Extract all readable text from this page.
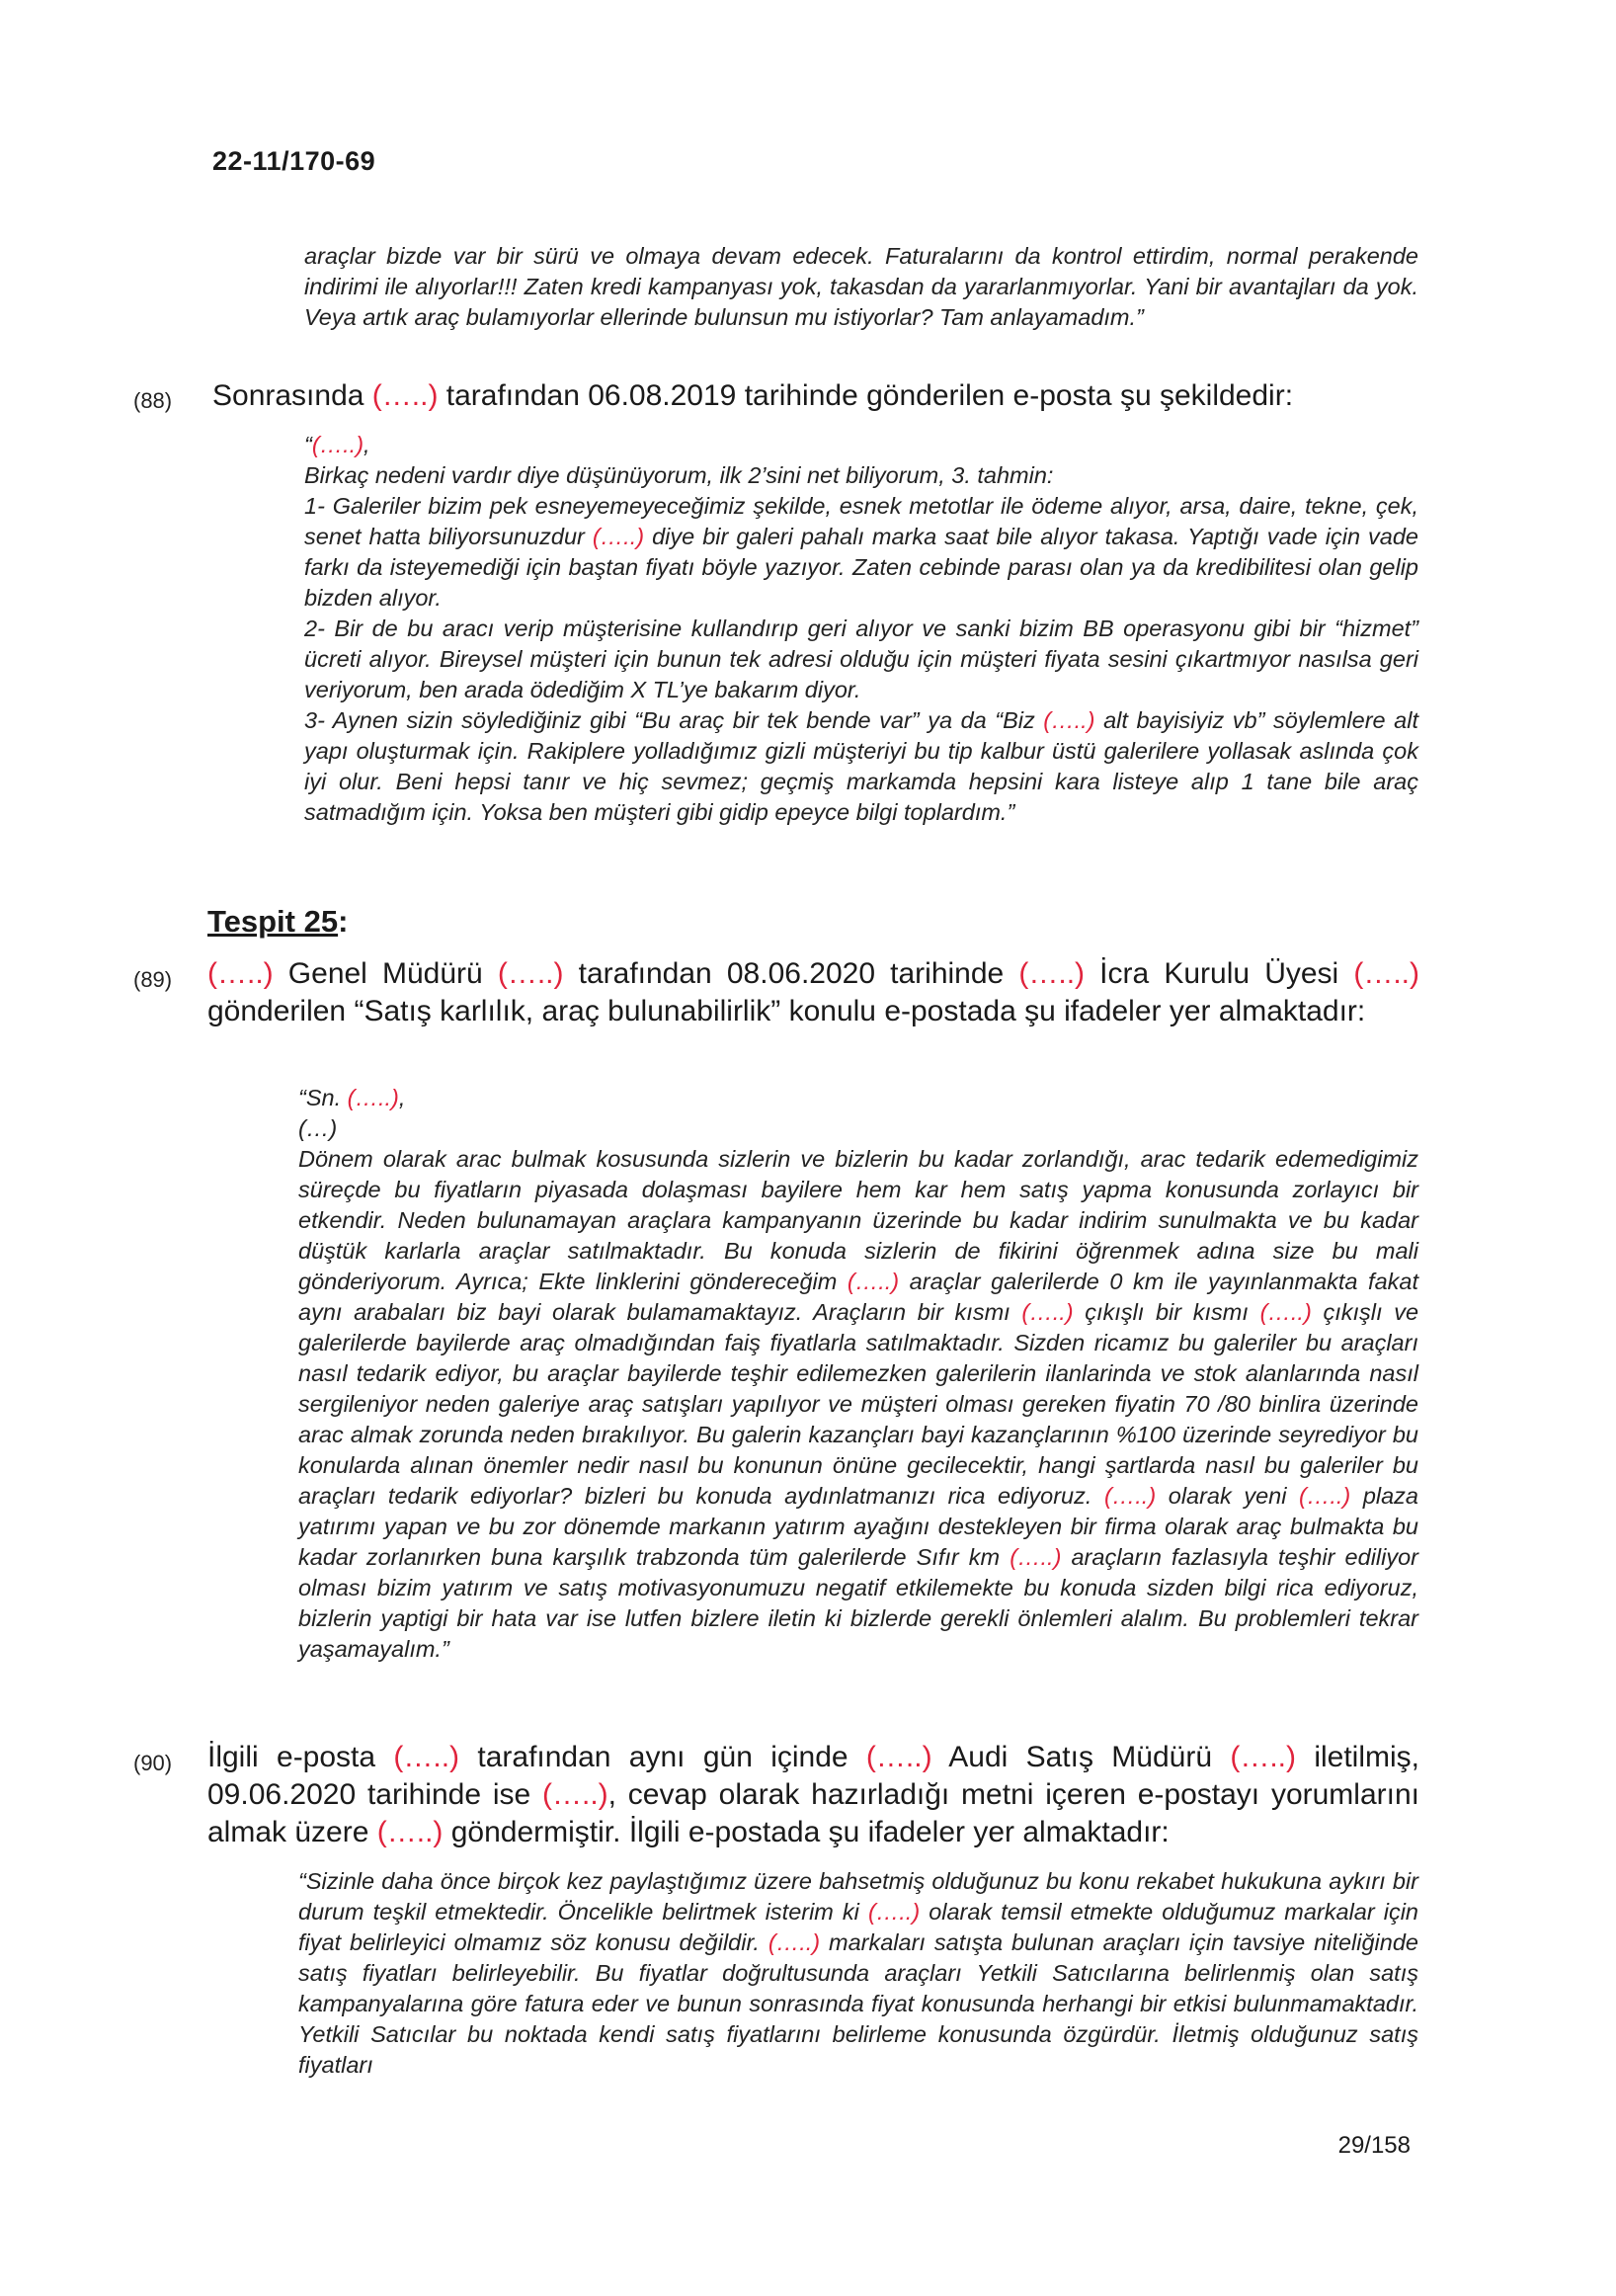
22-11/170-69

araçlar bizde var bir sürü ve olmaya devam edecek. Faturalarını da kontrol ettirdim, normal perakende indirimi ile alıyorlar!!! Zaten kredi kampanyası yok, takasdan da yararlanmıyorlar. Yani bir avantajları da yok. Veya artık araç bulamıyorlar ellerinde bulunsun mu istiyorlar? Tam anlayamadım.”

(88) Sonrasında (…..) tarafından 06.08.2019 tarihinde gönderilen e-posta şu şekildedir:

“(…..),

Birkaç nedeni vardır diye düşünüyorum, ilk 2’sini net biliyorum, 3. tahmin:

1- Galeriler bizim pek esneyemeyeceğimiz şekilde, esnek metotlar ile ödeme alıyor, arsa, daire, tekne, çek, senet hatta biliyorsunuzdur (…..) diye bir galeri pahalı marka saat bile alıyor takasa. Yaptığı vade için vade farkı da isteyemediği için baştan fiyatı böyle yazıyor. Zaten cebinde parası olan ya da kredibilitesi olan gelip bizden alıyor.

2- Bir de bu aracı verip müşterisine kullandırıp geri alıyor ve sanki bizim BB operasyonu gibi bir “hizmet” ücreti alıyor. Bireysel müşteri için bunun tek adresi olduğu için müşteri fiyata sesini çıkartmıyor nasılsa geri veriyorum, ben arada ödediğim X TL’ye bakarım diyor.

3- Aynen sizin söylediğiniz gibi “Bu araç bir tek bende var” ya da “Biz (…..) alt bayisiyiz vb” söylemlere alt yapı oluşturmak için. Rakiplere yolladığımız gizli müşteriyi bu tip kalbur üstü galerilere yollasak aslında çok iyi olur. Beni hepsi tanır ve hiç sevmez; geçmiş markamda hepsini kara listeye alıp 1 tane bile araç satmadığım için. Yoksa ben müşteri gibi gidip epeyce bilgi toplardım.”

Tespit 25:
(89) (…..) Genel Müdürü (…..) tarafından 08.06.2020 tarihinde (…..) İcra Kurulu Üyesi (…..) gönderilen “Satış karlılık, araç bulunabilirlik” konulu e-postada şu ifadeler yer almaktadır:

“Sn. (…..),

(…)

Dönem olarak arac bulmak kosusunda sizlerin ve bizlerin bu kadar zorlandığı, arac tedarik edemedigimiz süreçde bu fiyatların piyasada dolaşması bayilere hem kar hem satış yapma konusunda zorlayıcı bir etkendir. Neden bulunamayan araçlara kampanyanın üzerinde bu kadar indirim sunulmakta ve bu kadar düştük karlarla araçlar satılmaktadır. Bu konuda sizlerin de fikirini öğrenmek adına size bu mali gönderiyorum. Ayrıca; Ekte linklerini göndereceğim (…..) araçlar galerilerde 0 km ile yayınlanmakta fakat aynı arabaları biz bayi olarak bulamamaktayız. Araçların bir kısmı (…..) çıkışlı bir kısmı (…..) çıkışlı ve galerilerde bayilerde araç olmadığından faiş fiyatlarla satılmaktadır. Sizden ricamız bu galeriler bu araçları nasıl tedarik ediyor, bu araçlar bayilerde teşhir edilemezken galerilerin ilanlarinda ve stok alanlarında nasıl sergileniyor neden galeriye araç satışları yapılıyor ve müşteri olması gereken fiyatin 70 /80 binlira üzerinde arac almak zorunda neden bırakılıyor. Bu galerin kazançları bayi kazançlarının %100 üzerinde seyrediyor bu konularda alınan önemler nedir nasıl bu konunun önüne gecilecektir, hangi şartlarda nasıl bu galeriler bu araçları tedarik ediyorlar? bizleri bu konuda aydınlatmanızı rica ediyoruz. (…..) olarak yeni (…..) plaza yatırımı yapan ve bu zor dönemde markanın yatırım ayağını destekleyen bir firma olarak araç bulmakta bu kadar zorlanırken buna karşılık trabzonda tüm galerilerde Sıfır km (…..) araçların fazlasıyla teşhir ediliyor olması bizim yatırım ve satış motivasyonumuzu negatif etkilemekte bu konuda sizden bilgi rica ediyoruz, bizlerin yaptigi bir hata var ise lutfen bizlere iletin ki bizlerde gerekli önlemleri alalım. Bu problemleri tekrar yaşamayalım.”

(90) İlgili e-posta (…..) tarafından aynı gün içinde (…..) Audi Satış Müdürü (…..) iletilmiş, 09.06.2020 tarihinde ise (…..), cevap olarak hazırladığı metni içeren e-postayı yorumlarını almak üzere (…..) göndermiştir. İlgili e-postada şu ifadeler yer almaktadır:

“Sizinle daha önce birçok kez paylaştığımız üzere bahsetmiş olduğunuz bu konu rekabet hukukuna aykırı bir durum teşkil etmektedir. Öncelikle belirtmek isterim ki (…..) olarak temsil etmekte olduğumuz markalar için fiyat belirleyici olmamız söz konusu değildir. (…..) markaları satışta bulunan araçları için tavsiye niteliğinde satış fiyatları belirleyebilir. Bu fiyatlar doğrultusunda araçları Yetkili Satıcılarına belirlenmiş olan satış kampanyalarına göre fatura eder ve bunun sonrasında fiyat konusunda herhangi bir etkisi bulunmamaktadır. Yetkili Satıcılar bu noktada kendi satış fiyatlarını belirleme konusunda özgürdür. İletmiş olduğunuz satış fiyatları

29/158
